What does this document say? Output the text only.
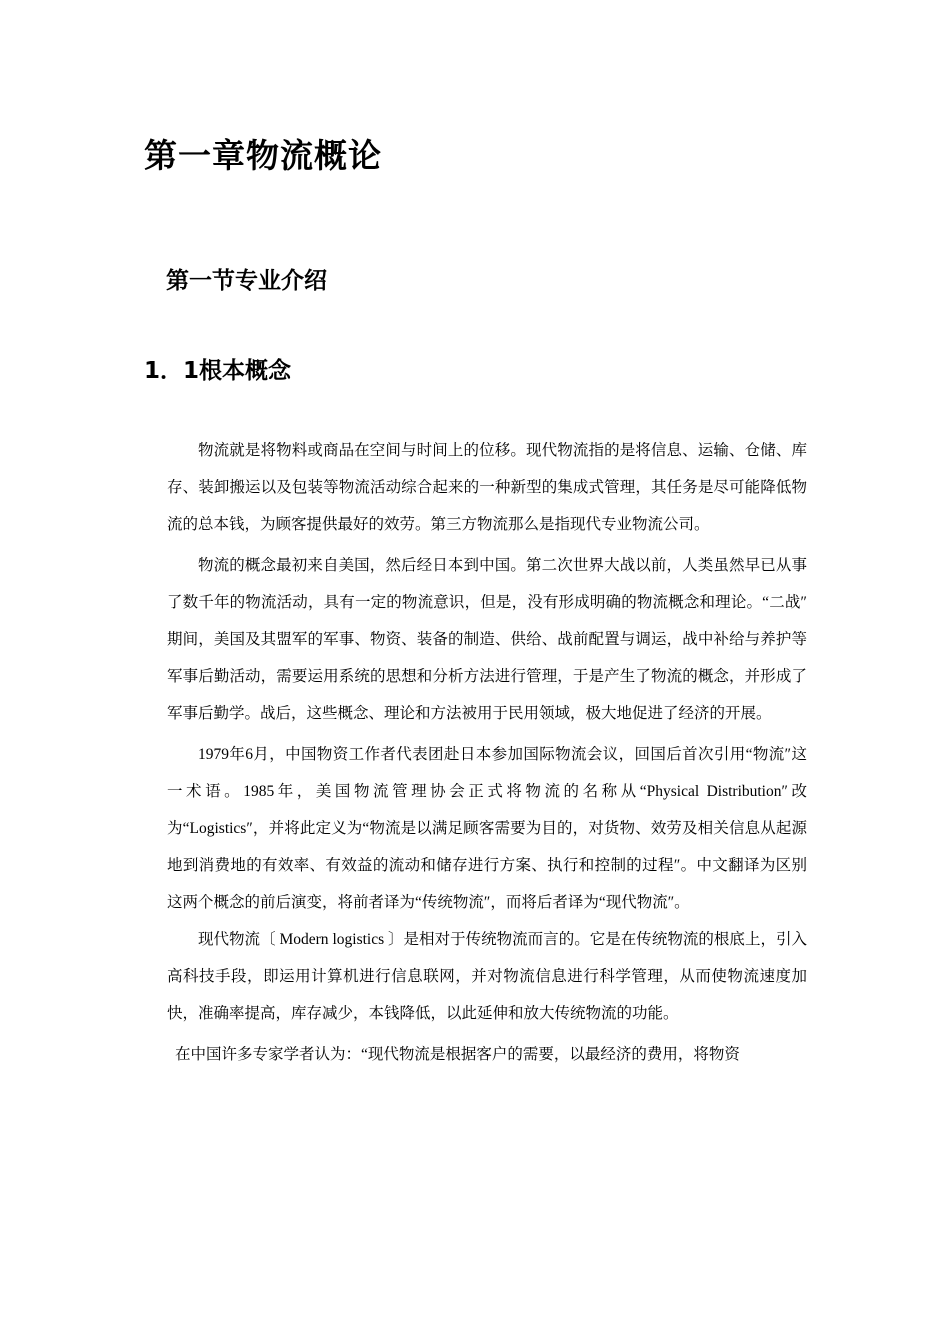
第一章物流概论
第一节专业介绍
1．1根本概念

物流就是将物料或商品在空间与时间上的位移。现代物流指的是将信息、运输、仓储、库存、装卸搬运以及包装等物流活动综合起来的一种新型的集成式管理，其任务是尽可能降低物流的总本钱，为顾客提供最好的效劳。第三方物流那么是指现代专业物流公司。

物流的概念最初来自美国，然后经日本到中国。第二次世界大战以前，人类虽然早已从事了数千年的物流活动，具有一定的物流意识，但是，没有形成明确的物流概念和理论。“二战″期间，美国及其盟军的军事、物资、装备的制造、供给、战前配置与调运，战中补给与养护等军事后勤活动，需要运用系统的思想和分析方法进行管理，于是产生了物流的概念，并形成了军事后勤学。战后，这些概念、理论和方法被用于民用领域，极大地促进了经济的开展。

1979年6月，中国物资工作者代表团赴日本参加国际物流会议，回国后首次引用“物流″这一术语。1985年，美国物流管理协会正式将物流的名称从“Physical Distribution″改为“Logistics″，并将此定义为“物流是以满足顾客需要为目的，对货物、效劳及相关信息从起源地到消费地的有效率、有效益的流动和储存进行方案、执行和控制的过程″。中文翻译为区别这两个概念的前后演变，将前者译为“传统物流″，而将后者译为“现代物流″。

现代物流〔 Modern logistics 〕是相对于传统物流而言的。它是在传统物流的根底上，引入高科技手段，即运用计算机进行信息联网，并对物流信息进行科学管理，从而使物流速度加快，准确率提高，库存减少，本钱降低，以此延伸和放大传统物流的功能。

在中国许多专家学者认为：“现代物流是根据客户的需要，以最经济的费用，将物资
